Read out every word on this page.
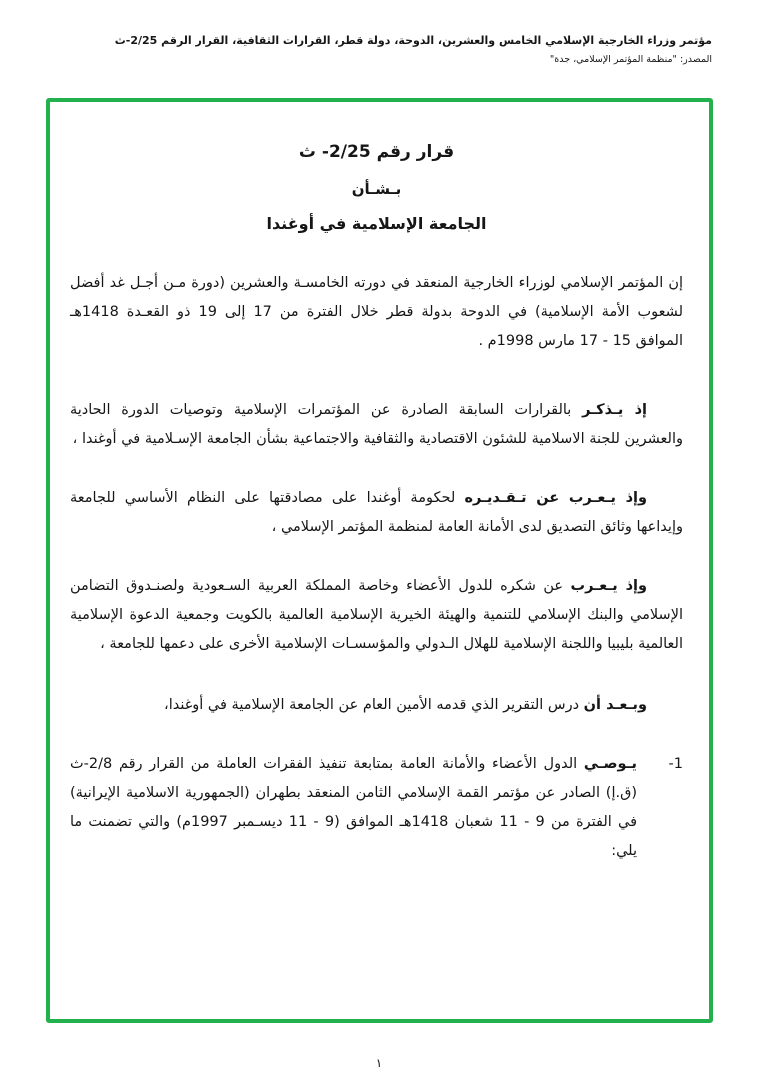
مؤتمر وزراء الخارجية الإسلامي الخامس والعشرين، الدوحة، دولة قطر، القرارات الثقافية، القرار الرقم 2/25-ث
المصدر: "منظمة المؤتمر الإسلامي، جدة"
قرار رقم 2/25- ث
بـشـأن
الجامعة الإسلامية في أوغندا

إن المؤتمر الإسلامي لوزراء الخارجية المنعقد في دورته الخامسـة والعشرين (دورة مـن أجـل غد أفضل لشعوب الأمة الإسلامية) في الدوحة بدولة قطر خلال الفترة من 17 إلى 19 ذو القعـدة 1418هـ الموافق 15 - 17 مارس 1998م .

إذ يـذكـر بالقرارات السابقة الصادرة عن المؤتمرات الإسلامية وتوصيات الدورة الحادية والعشرين للجنة الاسلامية للشئون الاقتصادية والثقافية والاجتماعية بشأن الجامعة الإسـلامية في أوغندا ،

وإذ يـعـرب عن تـقـديـره لحكومة أوغندا على مصادقتها على النظام الأساسي للجامعة وإيداعها وثائق التصديق لدى الأمانة العامة لمنظمة المؤتمر الإسلامي ،

وإذ يـعـرب عن شكره للدول الأعضاء وخاصة المملكة العربية السـعودية ولصنـدوق التضامن الإسلامي والبنك الإسلامي للتنمية والهيئة الخيرية الإسلامية العالمية بالكويت وجمعية الدعوة الإسلامية العالمية بليبيا واللجنة الإسلامية للهلال الـدولي والمؤسسـات الإسلامية الأخرى على دعمها للجامعة ،

وبـعـد أن درس التقرير الذي قدمه الأمين العام عن الجامعة الإسلامية في أوغندا،

1-

يـوصـي الدول الأعضاء والأمانة العامة بمتابعة تنفيذ الفقرات العاملة من القرار رقم 2/8-ث (ق.إ) الصادر عن مؤتمر القمة الإسلامي الثامن المنعقد بطهران (الجمهورية الاسلامية الإيرانية) في الفترة من 9 - 11 شعبان 1418هـ الموافق (9 - 11 ديسـمبر 1997م) والتي تضمنت ما يلي:

١
